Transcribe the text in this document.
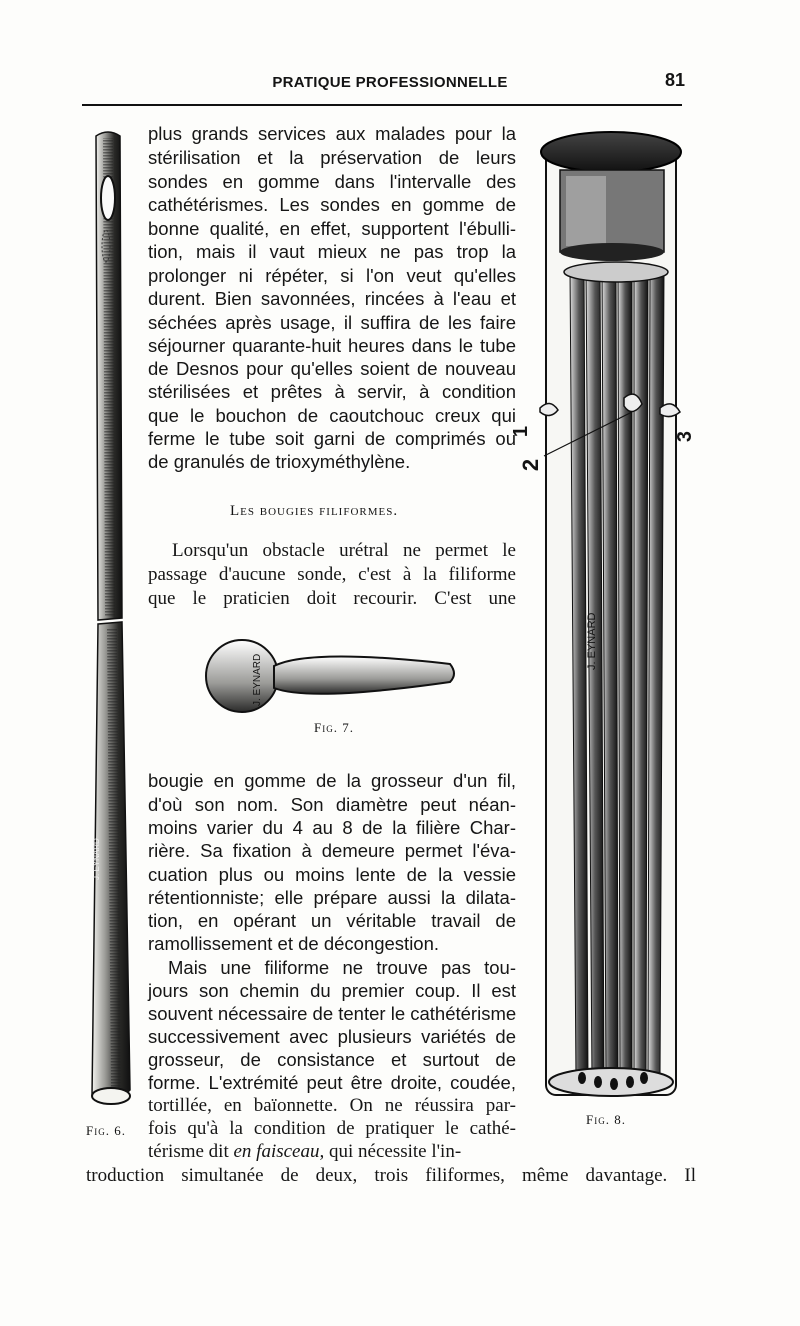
PRATIQUE PROFESSIONNELLE	81
J. EYNARD
Fig. 6.
1
2
3
J. EYNARD
Fig. 8.
J. EYNARD
Fig. 7.
plus grands services aux malades pour la
stérilisation et la préservation de leurs
sondes en gomme dans l'intervalle des
cathétérismes. Les sondes en gomme de
bonne qualité, en effet, supportent l'ébulli-
tion, mais il vaut mieux ne pas trop la
prolonger ni répéter, si l'on veut qu'elles
durent. Bien savonnées, rincées à l'eau et
séchées après usage, il suffira de les faire
séjourner quarante-huit heures dans le tube
de Desnos pour qu'elles soient de nouveau
stérilisées et prêtes à servir, à condition
que le bouchon de caoutchouc creux qui
ferme le tube soit garni de comprimés ou
de granulés de trioxyméthylène.
Les bougies filiformes.
Lorsqu'un obstacle urétral ne permet le
passage d'aucune sonde, c'est à la filiforme
que le praticien doit recourir. C'est une
bougie en gomme de la grosseur d'un fil,
d'où son nom. Son diamètre peut néan-
moins varier du 4 au 8 de la filière Char-
rière. Sa fixation à demeure permet l'éva-
cuation plus ou moins lente de la vessie
rétentionniste; elle prépare aussi la dilata-
tion, en opérant un véritable travail de
ramollissement et de décongestion.
Mais une filiforme ne trouve pas tou-
jours son chemin du premier coup. Il est
souvent nécessaire de tenter le cathétérisme
successivement avec plusieurs variétés de
grosseur, de consistance et surtout de
forme. L'extrémité peut être droite, coudée,
tortillée, en baïonnette. On ne réussira par-
fois qu'à la condition de pratiquer le cathé-
térisme dit en faisceau, qui nécessite l'in-
troduction simultanée de deux, trois filiformes, même davantage. Il
